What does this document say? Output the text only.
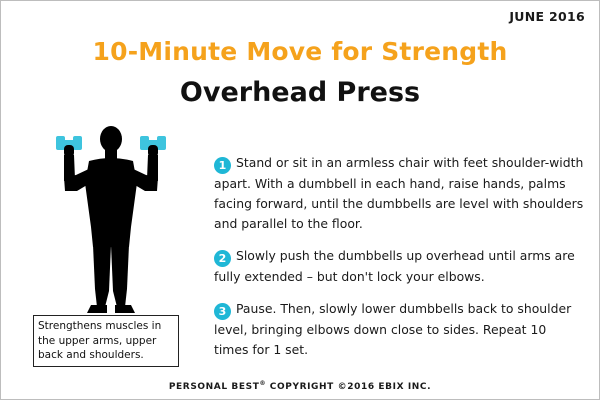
JUNE 2016
10-Minute Move for Strength
Overhead Press
Strengthens muscles in the upper arms, upper back and shoulders.
1 Stand or sit in an armless chair with feet shoulder-width apart. With a dumbbell in each hand, raise hands, palms facing forward, until the dumbbells are level with shoulders and parallel to the floor.
2 Slowly push the dumbbells up overhead until arms are fully extended – but don't lock your elbows.
3 Pause. Then, slowly lower dumbbells back to shoulder level, bringing elbows down close to sides. Repeat 10 times for 1 set.
PERSONAL BEST® COPYRIGHT ©2016 EBIX INC.
